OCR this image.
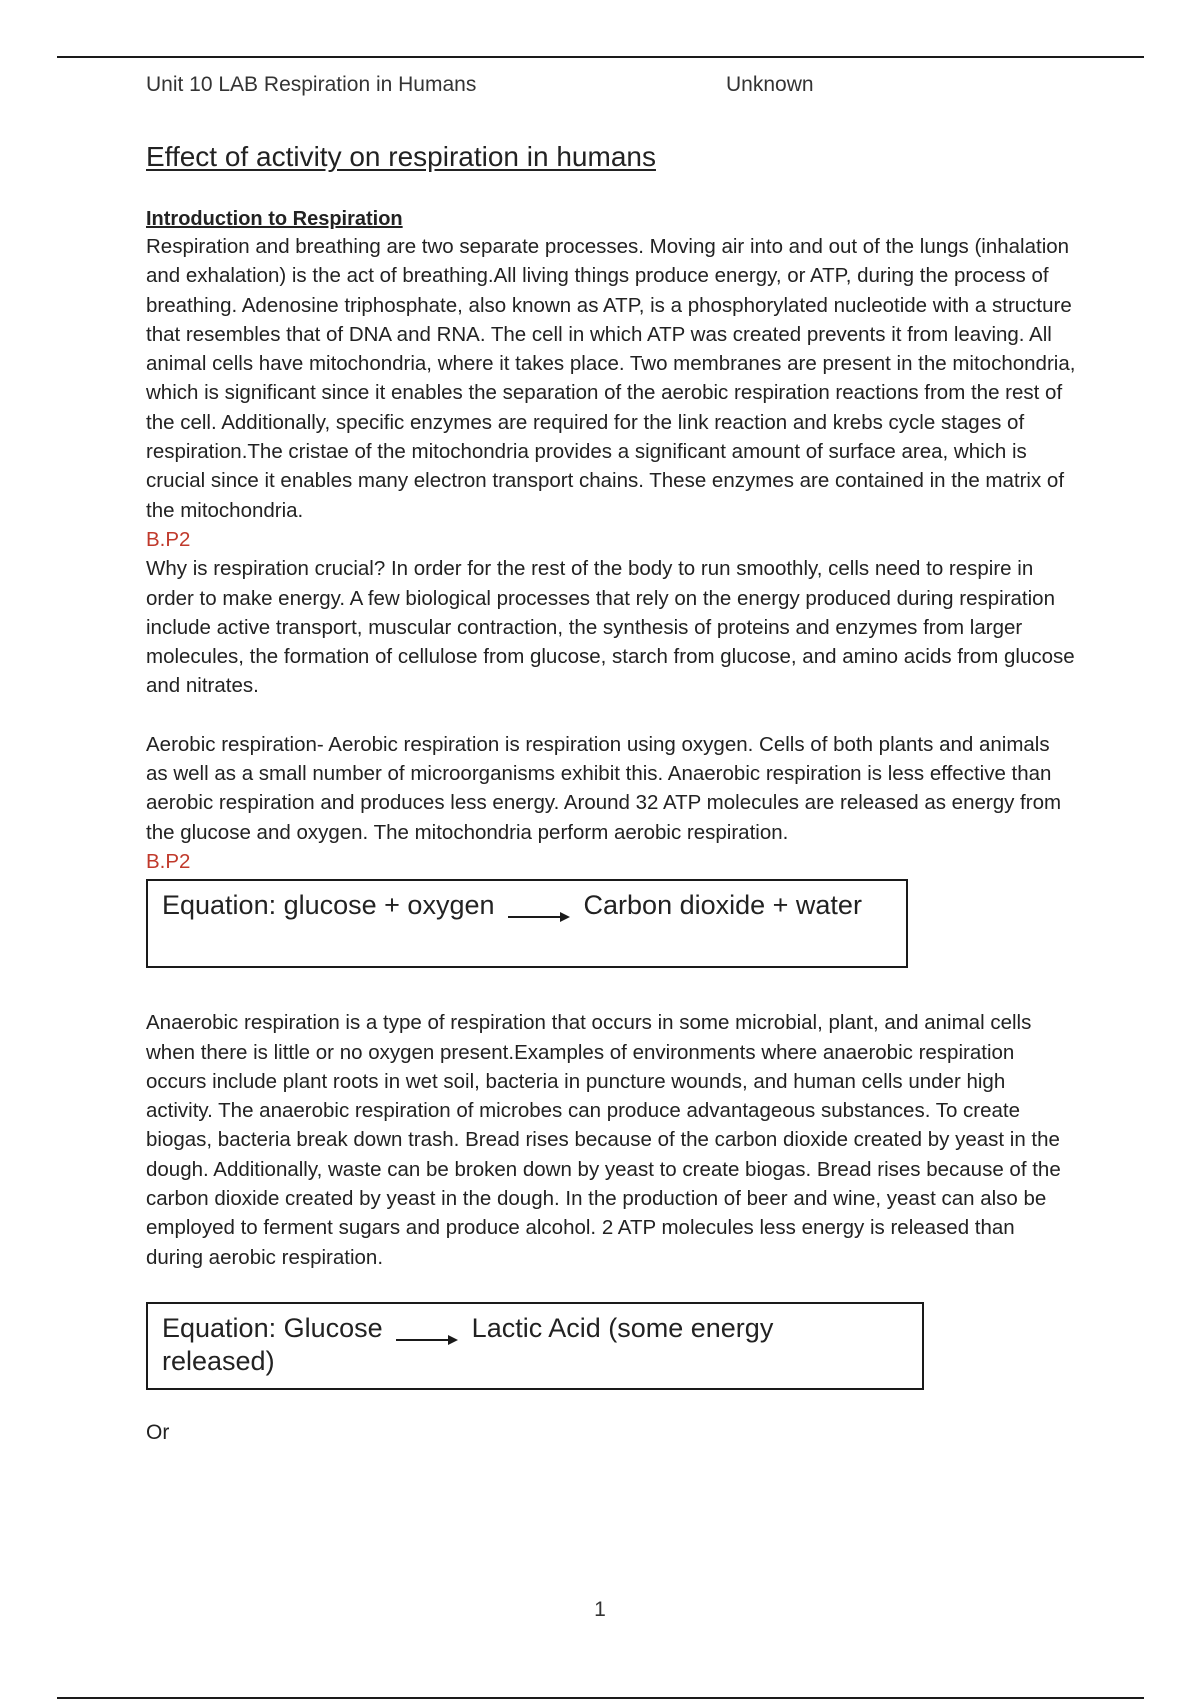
Unit 10 LAB Respiration in Humans	Unknown
Effect of activity on respiration in humans
Introduction to Respiration

Respiration and breathing are two separate processes. Moving air into and out of the lungs (inhalation and exhalation) is the act of breathing.All living things produce energy, or ATP, during the process of breathing. Adenosine triphosphate, also known as ATP, is a phosphorylated nucleotide with a structure that resembles that of DNA and RNA. The cell in which ATP was created prevents it from leaving. All animal cells have mitochondria, where it takes place. Two membranes are present in the mitochondria, which is significant since it enables the separation of the aerobic respiration reactions from the rest of the cell. Additionally, specific enzymes are required for the link reaction and krebs cycle stages of respiration.The cristae of the mitochondria provides a significant amount of surface area, which is crucial since it enables many electron transport chains. These enzymes are contained in the matrix of the mitochondria.

B.P2

Why is respiration crucial? In order for the rest of the body to run smoothly, cells need to respire in order to make energy. A few biological processes that rely on the energy produced during respiration include active transport, muscular contraction, the synthesis of proteins and enzymes from larger molecules, the formation of cellulose from glucose, starch from glucose, and amino acids from glucose and nitrates.

Aerobic respiration- Aerobic respiration is respiration using oxygen. Cells of both plants and animals as well as a small number of microorganisms exhibit this. Anaerobic respiration is less effective than aerobic respiration and produces less energy. Around 32 ATP molecules are released as energy from the glucose and oxygen. The mitochondria perform aerobic respiration.

B.P2

Equation: glucose + oxygen	Carbon dioxide + water

Anaerobic respiration is a type of respiration that occurs in some microbial, plant, and animal cells when there is little or no oxygen present.Examples of environments where anaerobic respiration occurs include plant roots in wet soil, bacteria in puncture wounds, and human cells under high activity. The anaerobic respiration of microbes can produce advantageous substances. To create biogas, bacteria break down trash. Bread rises because of the carbon dioxide created by yeast in the dough. Additionally, waste can be broken down by yeast to create biogas. Bread rises because of the carbon dioxide created by yeast in the dough. In the production of beer and wine, yeast can also be employed to ferment sugars and produce alcohol. 2 ATP molecules less energy is released than during aerobic respiration.

Equation: Glucose	Lactic Acid (some energy
released)

Or

1
